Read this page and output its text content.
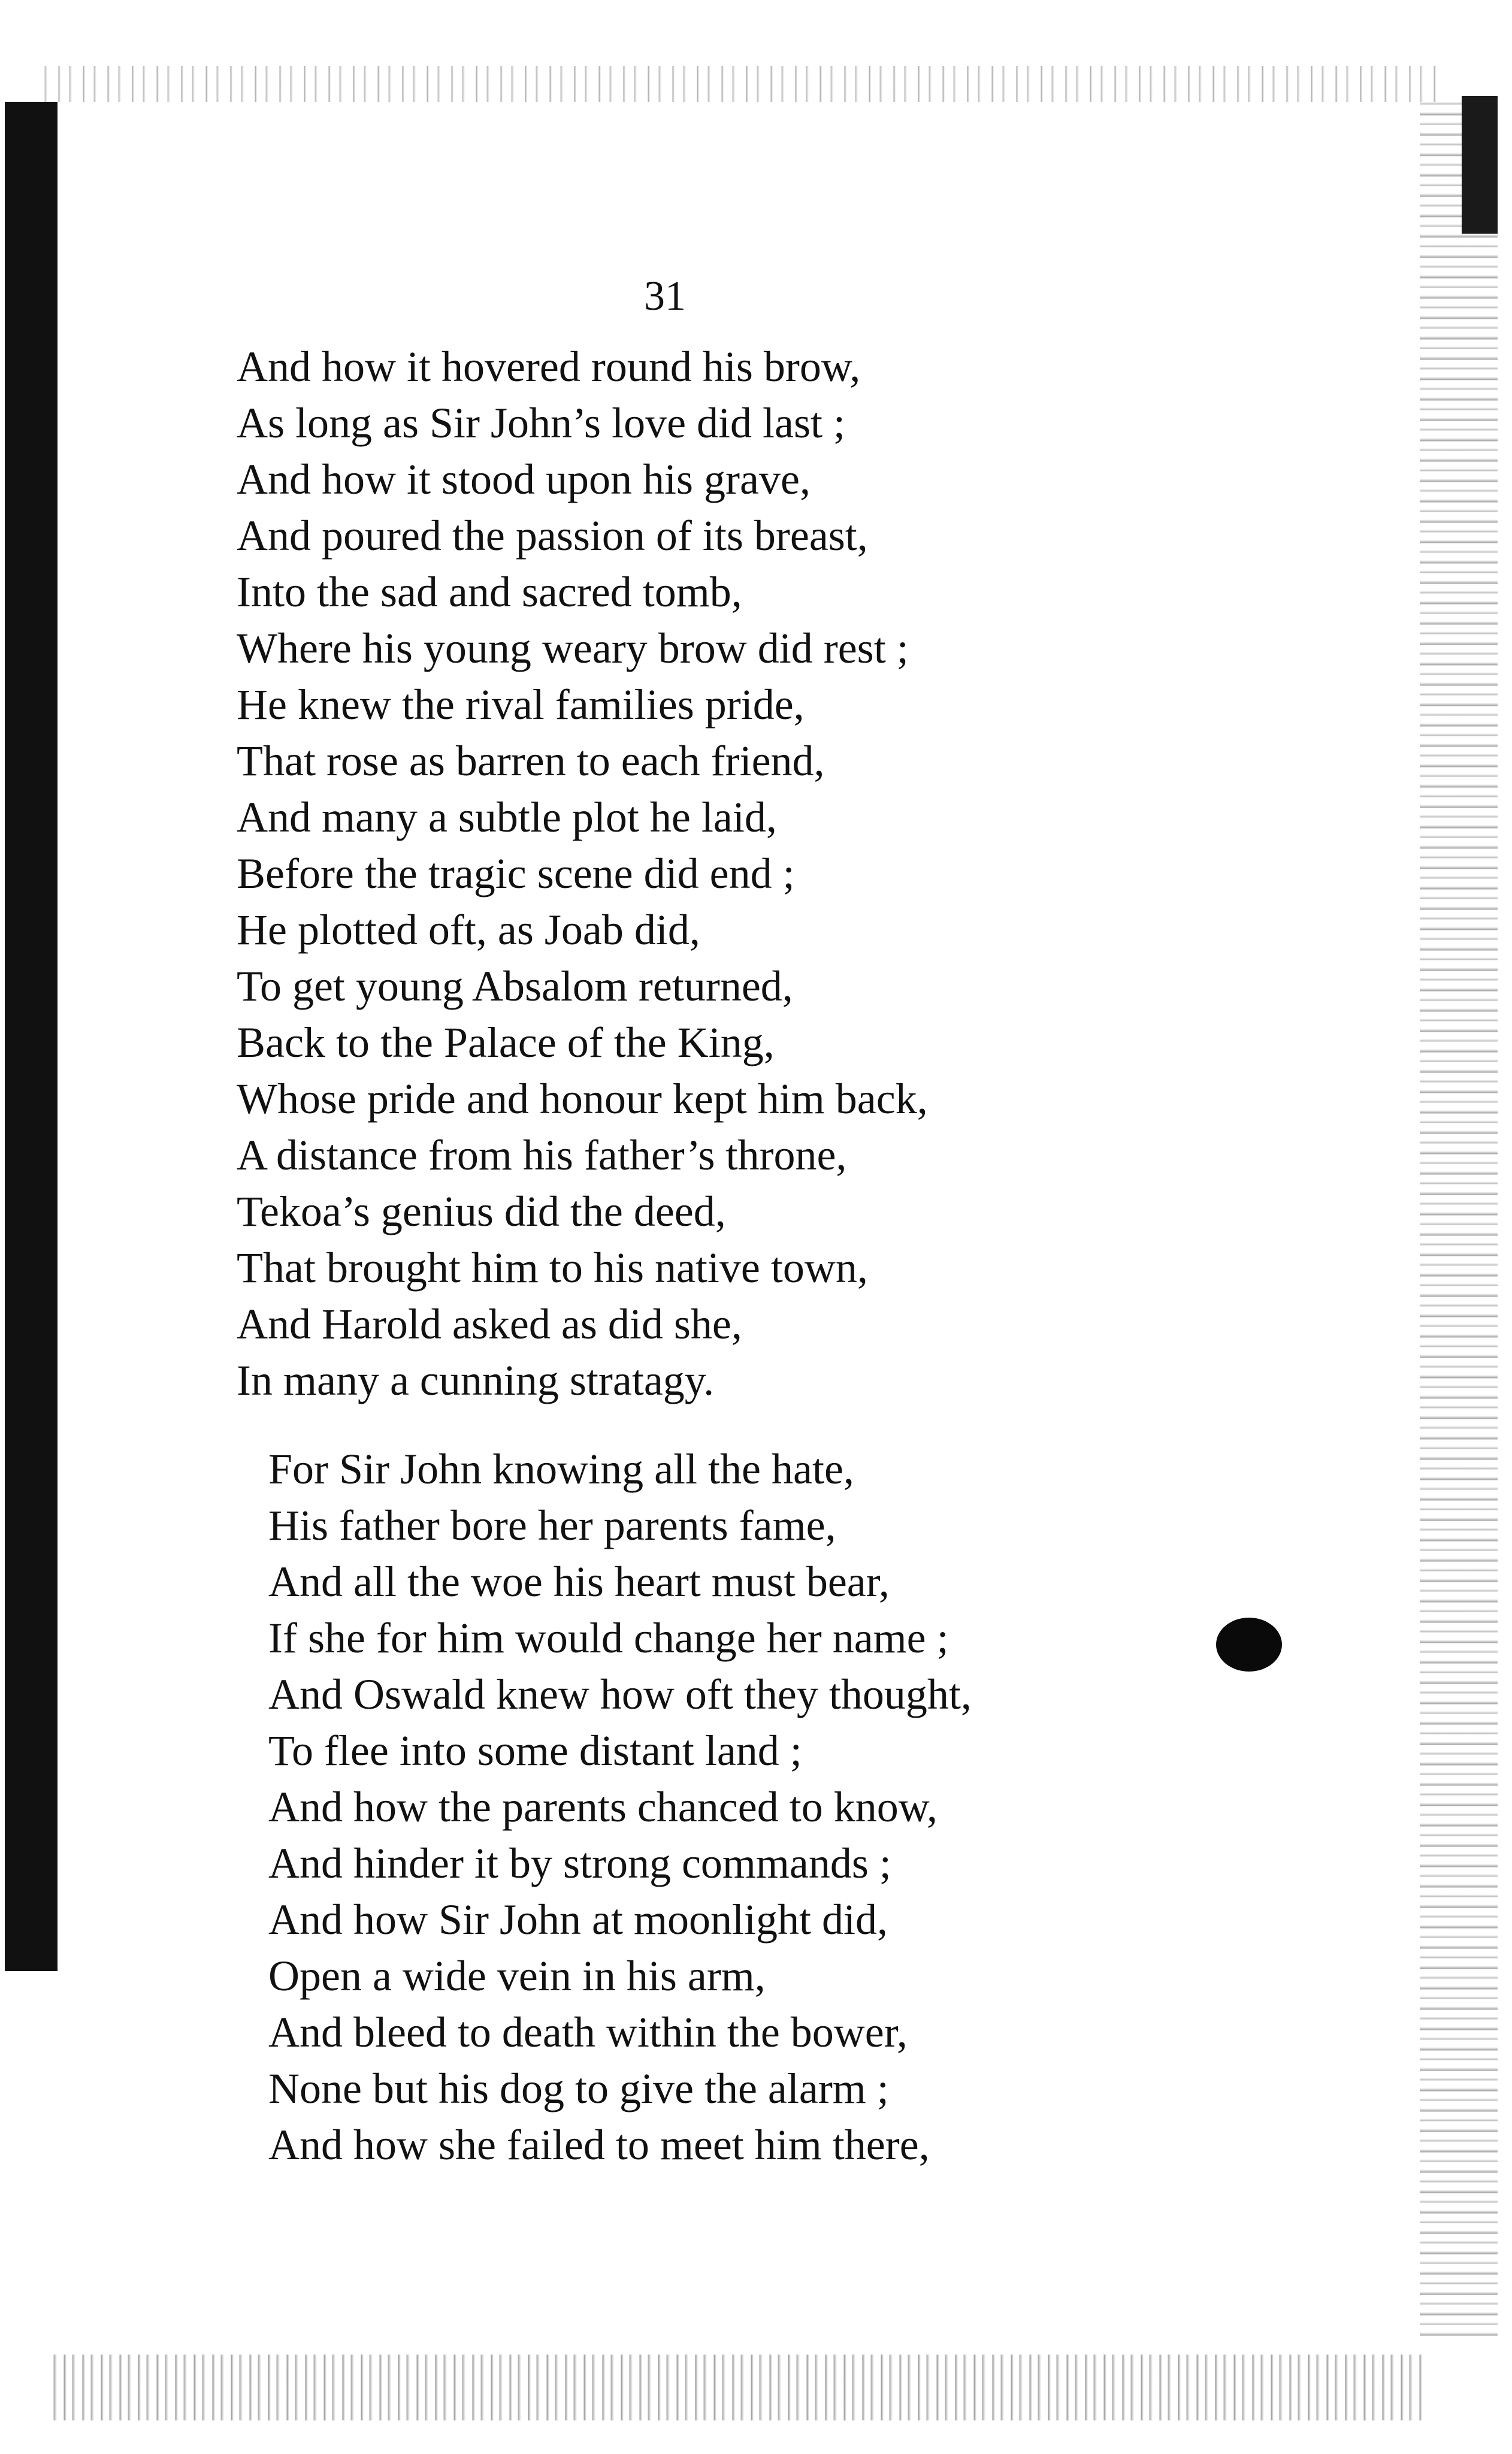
31

And how it hovered round his brow,
As long as Sir John’s love did last ;
And how it stood upon his grave,
And poured the passion of its breast,
Into the sad and sacred tomb,
Where his young weary brow did rest ;
He knew the rival families pride,
That rose as barren to each friend,
And many a subtle plot he laid,
Before the tragic scene did end ;
He plotted oft, as Joab did,
To get young Absalom returned,
Back to the Palace of the King,
Whose pride and honour kept him back,
A distance from his father’s throne,
Tekoa’s genius did the deed,
That brought him to his native town,
And Harold asked as did she,
In many a cunning stratagy.
For Sir John knowing all the hate,
His father bore her parents fame,
And all the woe his heart must bear,
If she for him would change her name ;
And Oswald knew how oft they thought,
To flee into some distant land ;
And how the parents chanced to know,
And hinder it by strong commands ;
And how Sir John at moonlight did,
Open a wide vein in his arm,
And bleed to death within the bower,
None but his dog to give the alarm ;
And how she failed to meet him there,
